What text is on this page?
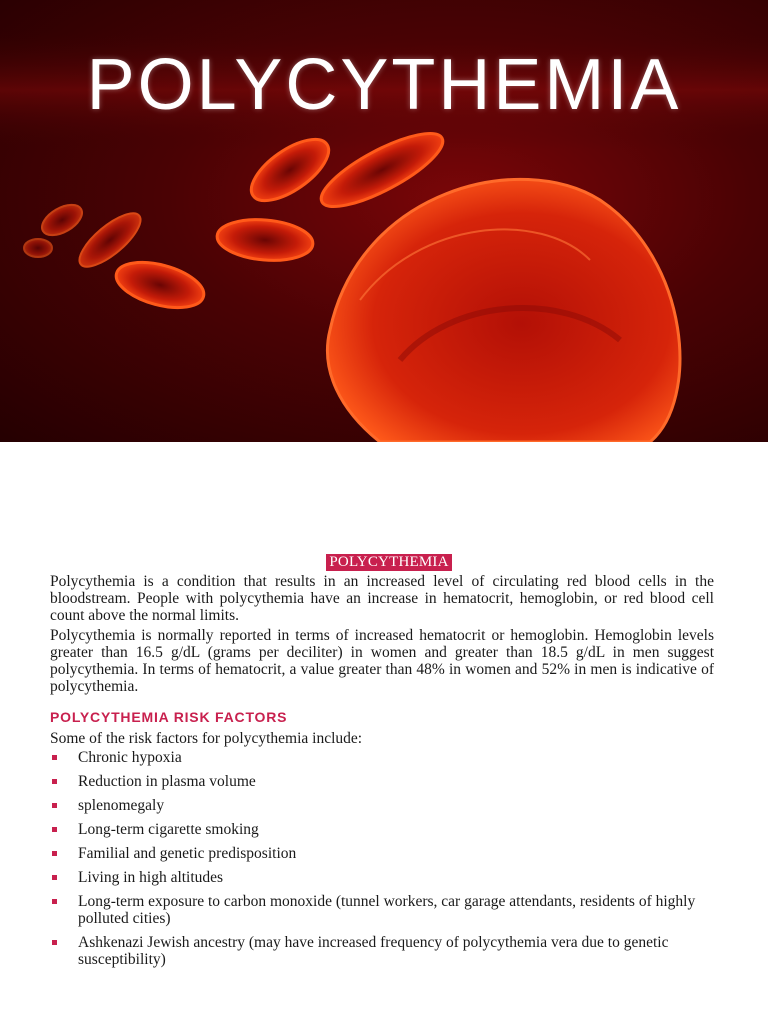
POLYCYTHEMIA
POLYCYTHEMIA

Polycythemia is a condition that results in an increased level of circulating red blood cells in the bloodstream. People with polycythemia have an increase in hematocrit, hemoglobin, or red blood cell count above the normal limits.

Polycythemia is normally reported in terms of increased hematocrit or hemoglobin. Hemoglobin levels greater than 16.5 g/dL (grams per deciliter) in women and greater than 18.5 g/dL in men suggest polycythemia. In terms of hematocrit, a value greater than 48% in women and 52% in men is indicative of polycythemia.

POLYCYTHEMIA RISK FACTORS

Some of the risk factors for polycythemia include:

Chronic hypoxia
Reduction in plasma volume
splenomegaly
Long-term cigarette smoking
Familial and genetic predisposition
Living in high altitudes
Long-term exposure to carbon monoxide (tunnel workers, car garage attendants, residents of highly polluted cities)
Ashkenazi Jewish ancestry (may have increased frequency of polycythemia vera due to genetic susceptibility)
